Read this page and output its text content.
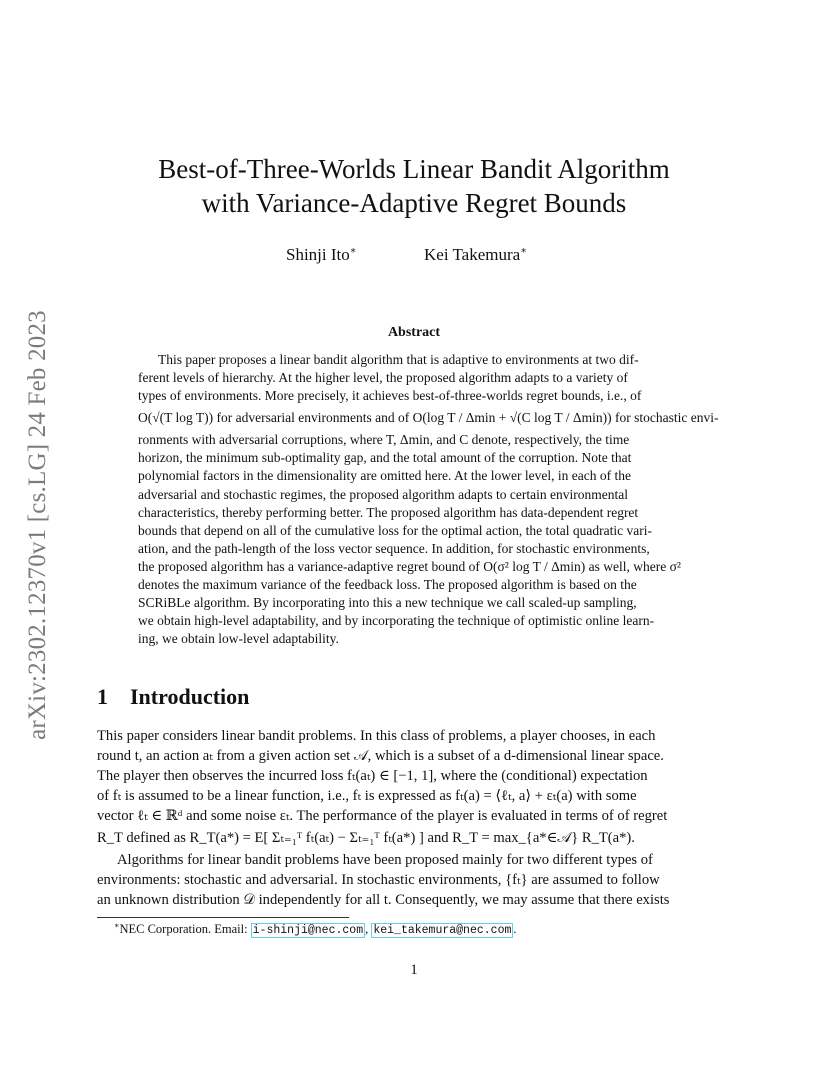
arXiv:2302.12370v1 [cs.LG] 24 Feb 2023
Best-of-Three-Worlds Linear Bandit Algorithm
with Variance-Adaptive Regret Bounds
Shinji Ito∗	Kei Takemura∗
Abstract
This paper proposes a linear bandit algorithm that is adaptive to environments at two dif-
ferent levels of hierarchy. At the higher level, the proposed algorithm adapts to a variety of
types of environments. More precisely, it achieves best-of-three-worlds regret bounds, i.e., of
O(√(T log T)) for adversarial environments and of O(log T / Δmin + √(C log T / Δmin)) for stochastic envi-
ronments with adversarial corruptions, where T, Δmin, and C denote, respectively, the time
horizon, the minimum sub-optimality gap, and the total amount of the corruption. Note that
polynomial factors in the dimensionality are omitted here. At the lower level, in each of the
adversarial and stochastic regimes, the proposed algorithm adapts to certain environmental
characteristics, thereby performing better. The proposed algorithm has data-dependent regret
bounds that depend on all of the cumulative loss for the optimal action, the total quadratic vari-
ation, and the path-length of the loss vector sequence. In addition, for stochastic environments,
the proposed algorithm has a variance-adaptive regret bound of O(σ² log T / Δmin) as well, where σ²
denotes the maximum variance of the feedback loss. The proposed algorithm is based on the
SCRiBLe algorithm. By incorporating into this a new technique we call scaled-up sampling,
we obtain high-level adaptability, and by incorporating the technique of optimistic online learn-
ing, we obtain low-level adaptability.
1 Introduction
This paper considers linear bandit problems. In this class of problems, a player chooses, in each
round t, an action aₜ from a given action set 𝒜, which is a subset of a d-dimensional linear space.
The player then observes the incurred loss fₜ(aₜ) ∈ [−1, 1], where the (conditional) expectation
of fₜ is assumed to be a linear function, i.e., fₜ is expressed as fₜ(a) = ⟨ℓₜ, a⟩ + εₜ(a) with some
vector ℓₜ ∈ ℝᵈ and some noise εₜ. The performance of the player is evaluated in terms of of regret
R_T defined as R_T(a*) = E[ Σₜ₌₁ᵀ fₜ(aₜ) − Σₜ₌₁ᵀ fₜ(a*) ] and R_T = max_{a*∈𝒜} R_T(a*).
Algorithms for linear bandit problems have been proposed mainly for two different types of
environments: stochastic and adversarial. In stochastic environments, {fₜ} are assumed to follow
an unknown distribution 𝒟 independently for all t. Consequently, we may assume that there exists
∗NEC Corporation. Email: i-shinji@nec.com , kei_takemura@nec.com .
1
